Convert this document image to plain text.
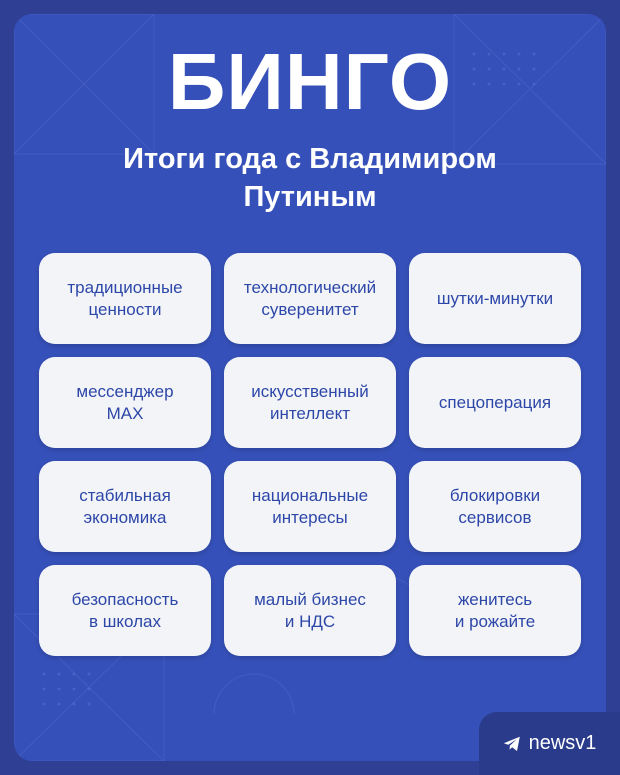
БИНГО
Итоги года с Владимиром
Путиным
традиционные
ценности
технологический
суверенитет
шутки-минутки
мессенджер
MAX
искусственный
интеллект
спецоперация
стабильная
экономика
национальные
интересы
блокировки
сервисов
безопасность
в школах
малый бизнес
и НДС
женитесь
и рожайте
newsv1
